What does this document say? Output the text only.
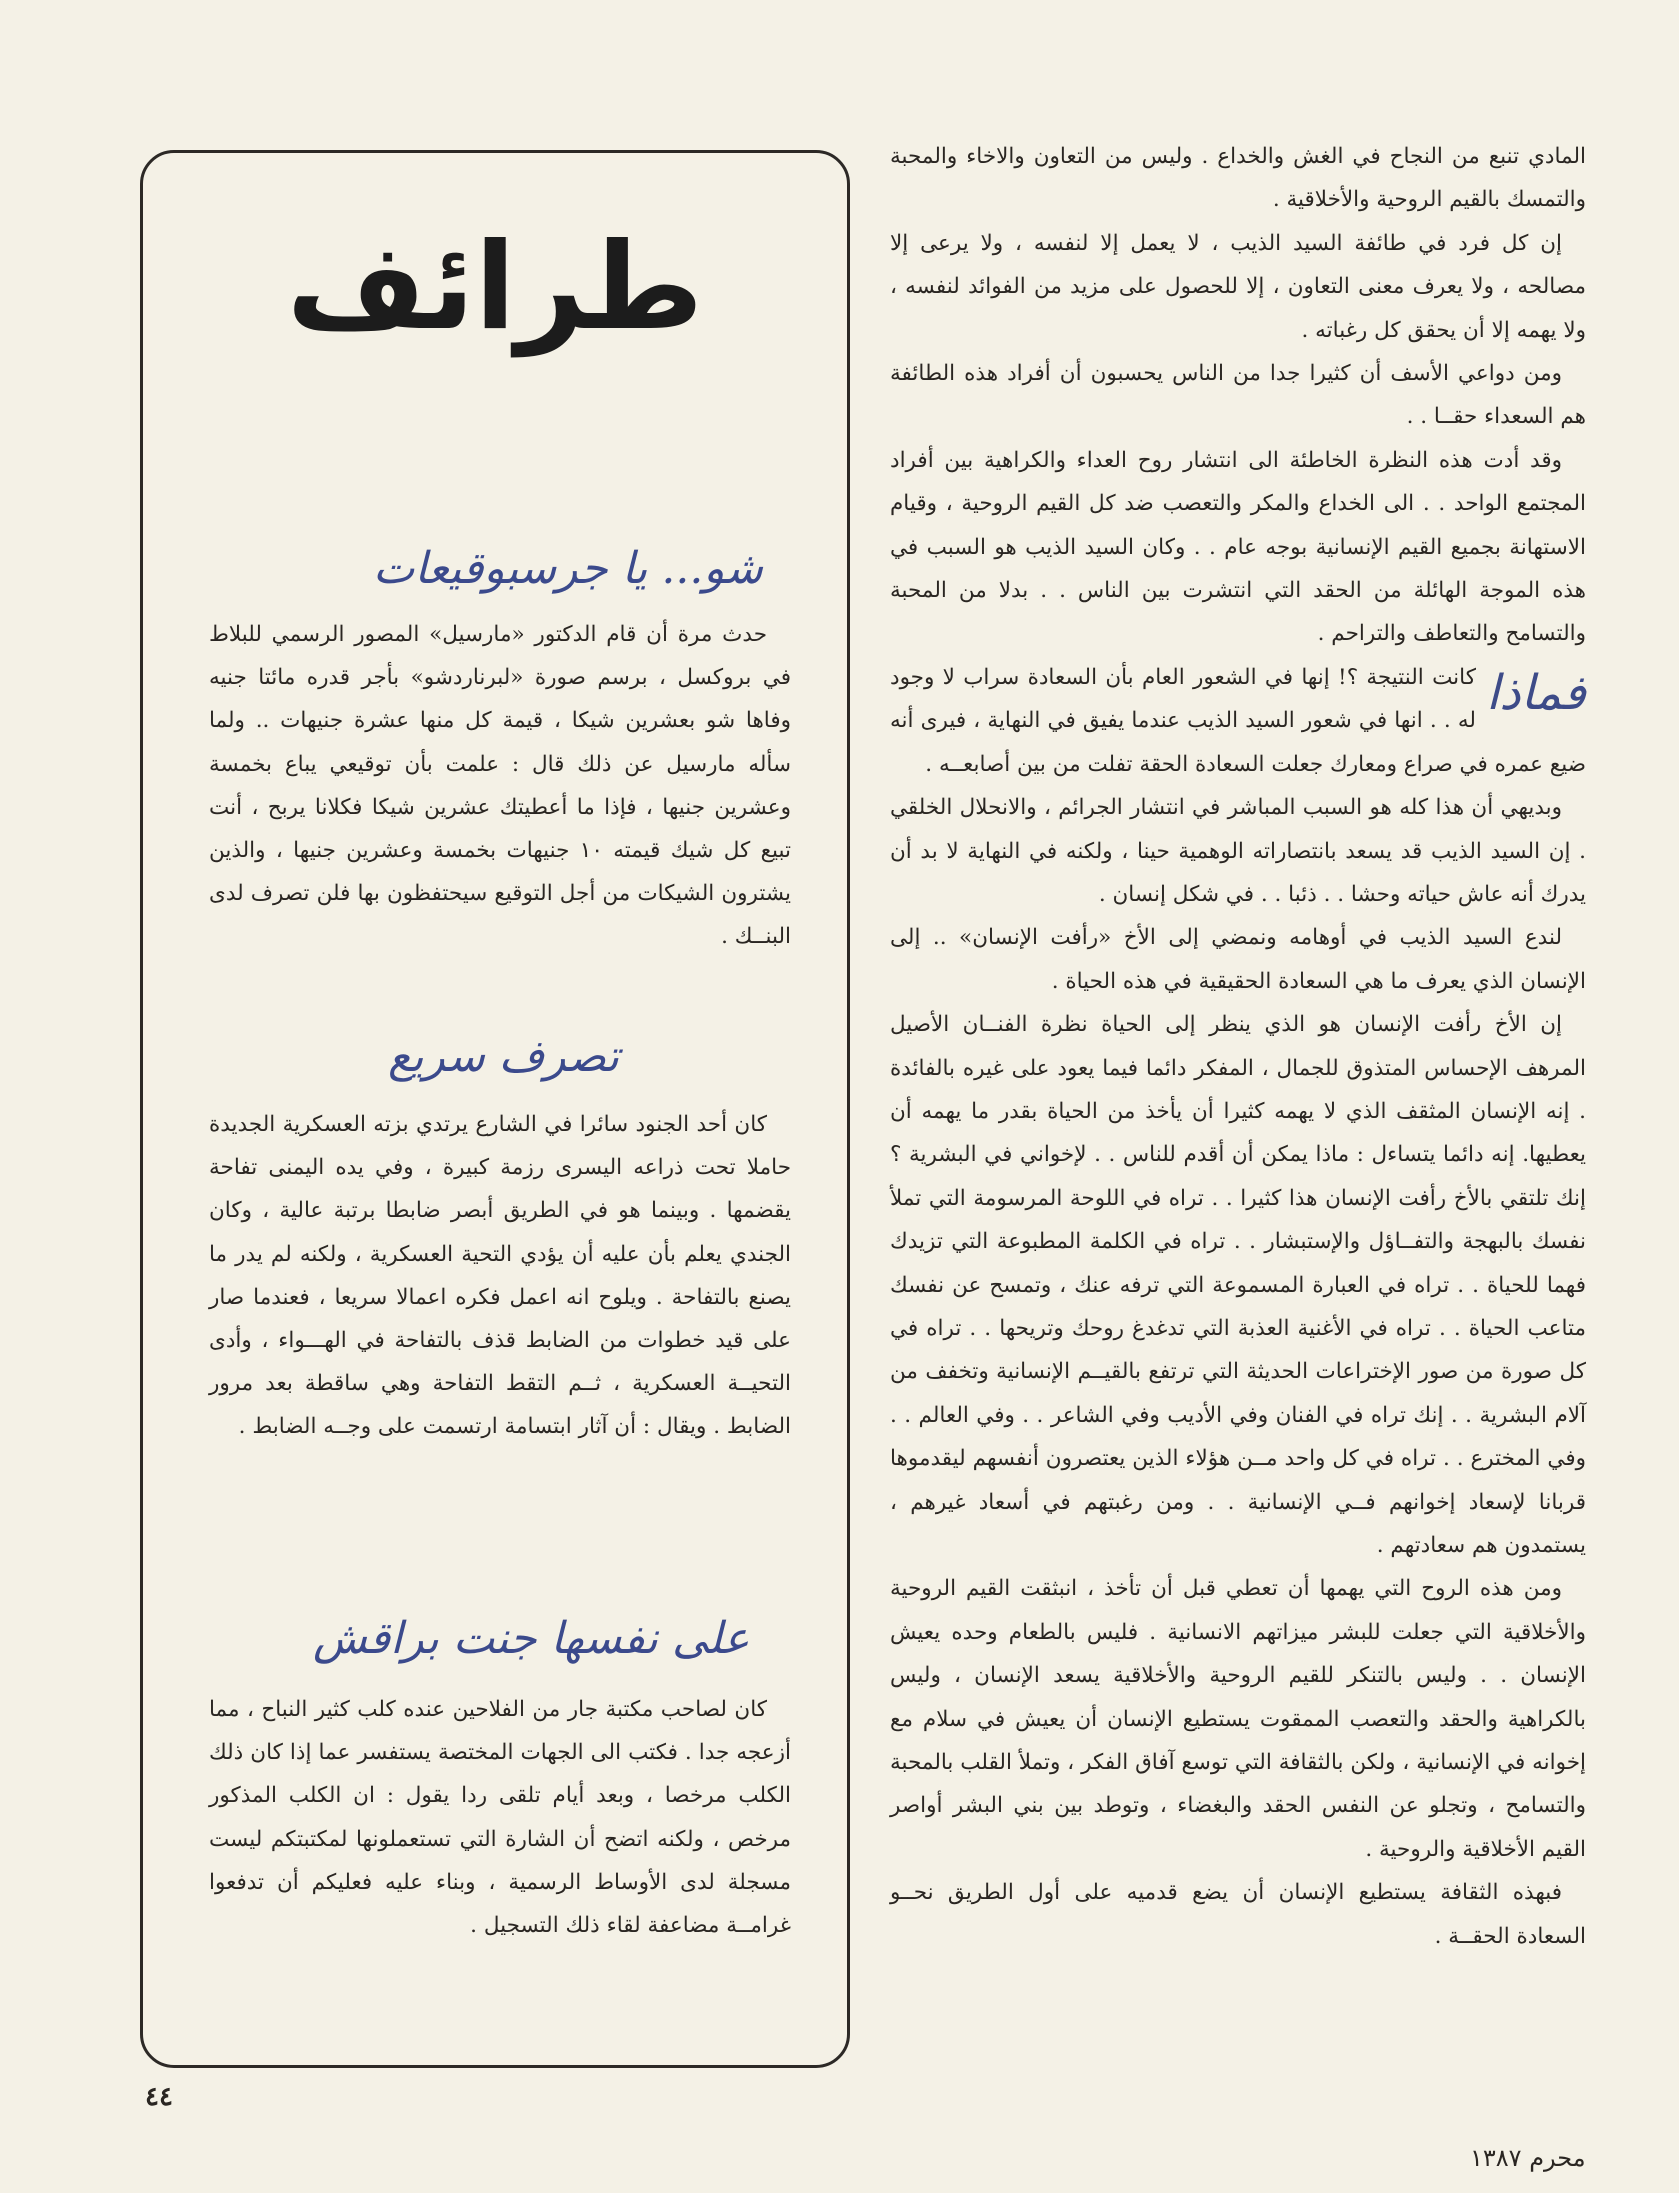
المادي تنبع من النجاح في الغش والخداع . وليس من التعاون والاخاء والمحبة والتمسك بالقيم الروحية والأخلاقية .

إن كل فرد في طائفة السيد الذيب ، لا يعمل إلا لنفسه ، ولا يرعى إلا مصالحه ، ولا يعرف معنى التعاون ، إلا للحصول على مزيد من الفوائد لنفسه ، ولا يهمه إلا أن يحقق كل رغباته .

ومن دواعي الأسف أن كثيرا جدا من الناس يحسبون أن أفراد هذه الطائفة هم السعداء حقــا . .

وقد أدت هذه النظرة الخاطئة الى انتشار روح العداء والكراهية بين أفراد المجتمع الواحد . . الى الخداع والمكر والتعصب ضد كل القيم الروحية ، وقيام الاستهانة بجميع القيم الإنسانية بوجه عام . . وكان السيد الذيب هو السبب في هذه الموجة الهائلة من الحقد التي انتشرت بين الناس . . بدلا من المحبة والتسامح والتعاطف والتراحم .

فماذا
كانت النتيجة ؟! إنها في الشعور العام بأن السعادة سراب لا وجود له . . انها في شعور السيد الذيب عندما يفيق في النهاية ، فيرى أنه ضيع عمره في صراع ومعارك جعلت السعادة الحقة تفلت من بين أصابعــه .

وبديهي أن هذا كله هو السبب المباشر في انتشار الجرائم ، والانحلال الخلقي . إن السيد الذيب قد يسعد بانتصاراته الوهمية حينا ، ولكنه في النهاية لا بد أن يدرك أنه عاش حياته وحشا . . ذئبا . . في شكل إنسان .

لندع السيد الذيب في أوهامه ونمضي إلى الأخ «رأفت الإنسان» .. إلى الإنسان الذي يعرف ما هي السعادة الحقيقية في هذه الحياة .

إن الأخ رأفت الإنسان هو الذي ينظر إلى الحياة نظرة الفنــان الأصيل المرهف الإحساس المتذوق للجمال ، المفكر دائما فيما يعود على غيره بالفائدة . إنه الإنسان المثقف الذي لا يهمه كثيرا أن يأخذ من الحياة بقدر ما يهمه أن يعطيها. إنه دائما يتساءل : ماذا يمكن أن أقدم للناس . . لإخواني في البشرية ؟ إنك تلتقي بالأخ رأفت الإنسان هذا كثيرا . . تراه في اللوحة المرسومة التي تملأ نفسك بالبهجة والتفــاؤل والإستبشار . . تراه في الكلمة المطبوعة التي تزيدك فهما للحياة . . تراه في العبارة المسموعة التي ترفه عنك ، وتمسح عن نفسك متاعب الحياة . . تراه في الأغنية العذبة التي تدغدغ روحك وتريحها . . تراه في كل صورة من صور الإختراعات الحديثة التي ترتفع بالقيــم الإنسانية وتخفف من آلام البشرية . . إنك تراه في الفنان وفي الأديب وفي الشاعر . . وفي العالم . . وفي المخترع . . تراه في كل واحد مــن هؤلاء الذين يعتصرون أنفسهم ليقدموها قربانا لإسعاد إخوانهم فــي الإنسانية . . ومن رغبتهم في أسعاد غيرهم ، يستمدون هم سعادتهم .

ومن هذه الروح التي يهمها أن تعطي قبل أن تأخذ ، انبثقت القيم الروحية والأخلاقية التي جعلت للبشر ميزاتهم الانسانية . فليس بالطعام وحده يعيش الإنسان . . وليس بالتنكر للقيم الروحية والأخلاقية يسعد الإنسان ، وليس بالكراهية والحقد والتعصب الممقوت يستطيع الإنسان أن يعيش في سلام مع إخوانه في الإنسانية ، ولكن بالثقافة التي توسع آفاق الفكر ، وتملأ القلب بالمحبة والتسامح ، وتجلو عن النفس الحقد والبغضاء ، وتوطد بين بني البشر أواصر القيم الأخلاقية والروحية .

فبهذه الثقافة يستطيع الإنسان أن يضع قدميه على أول الطريق نحــو السعادة الحقــة .

طرائف
شو... يا جرسبوقيعات

حدث مرة أن قام الدكتور «مارسيل» المصور الرسمي للبلاط في بروكسل ، برسم صورة «لبرناردشو» بأجر قدره مائتا جنيه وفاها شو بعشرين شيكا ، قيمة كل منها عشرة جنيهات .. ولما سأله مارسيل عن ذلك قال : علمت بأن توقيعي يباع بخمسة وعشرين جنيها ، فإذا ما أعطيتك عشرين شيكا فكلانا يربح ، أنت تبيع كل شيك قيمته ١٠ جنيهات بخمسة وعشرين جنيها ، والذين يشترون الشيكات من أجل التوقيع سيحتفظون بها فلن تصرف لدى البنــك .

تصرف سريع

كان أحد الجنود سائرا في الشارع يرتدي بزته العسكرية الجديدة حاملا تحت ذراعه اليسرى رزمة كبيرة ، وفي يده اليمنى تفاحة يقضمها . وبينما هو في الطريق أبصر ضابطا برتبة عالية ، وكان الجندي يعلم بأن عليه أن يؤدي التحية العسكرية ، ولكنه لم يدر ما يصنع بالتفاحة . ويلوح انه اعمل فكره اعمالا سريعا ، فعندما صار على قيد خطوات من الضابط قذف بالتفاحة في الهـــواء ، وأدى التحيــة العسكرية ، ثــم التقط التفاحة وهي ساقطة بعد مرور الضابط . ويقال : أن آثار ابتسامة ارتسمت على وجــه الضابط .

على نفسها جنت براقش

كان لصاحب مكتبة جار من الفلاحين عنده كلب كثير النباح ، مما أزعجه جدا . فكتب الى الجهات المختصة يستفسر عما إذا كان ذلك الكلب مرخصا ، وبعد أيام تلقى ردا يقول : ان الكلب المذكور مرخص ، ولكنه اتضح أن الشارة التي تستعملونها لمكتبتكم ليست مسجلة لدى الأوساط الرسمية ، وبناء عليه فعليكم أن تدفعوا غرامــة مضاعفة لقاء ذلك التسجيل .

٤٤
محرم ١٣٨٧
